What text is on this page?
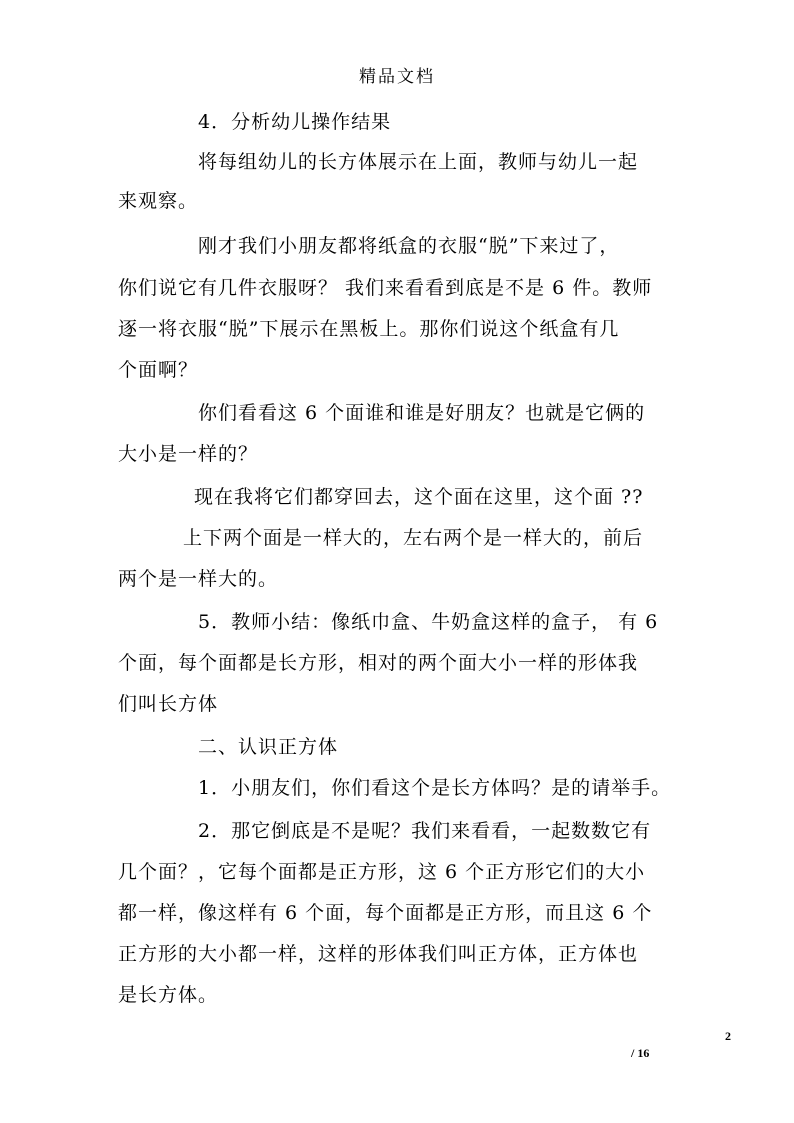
精品文档
4．分析幼儿操作结果
将每组幼儿的长方体展示在上面，教师与幼儿一起
来观察。
刚才我们小朋友都将纸盒的衣服“脱”下来过了，
你们说它有几件衣服呀？ 我们来看看到底是不是 6 件。教师
逐一将衣服“脱”下展示在黑板上。那你们说这个纸盒有几
个面啊？
你们看看这 6 个面谁和谁是好朋友？也就是它俩的
大小是一样的？
现在我将它们都穿回去，这个面在这里，这个面 ??
上下两个面是一样大的，左右两个是一样大的，前后
两个是一样大的。
5．教师小结：像纸巾盒、牛奶盒这样的盒子， 有 6
个面，每个面都是长方形，相对的两个面大小一样的形体我
们叫长方体
二、认识正方体
1．小朋友们，你们看这个是长方体吗？是的请举手。
2．那它倒底是不是呢？我们来看看，一起数数它有
几个面？，它每个面都是正方形，这 6 个正方形它们的大小
都一样，像这样有 6 个面，每个面都是正方形，而且这 6 个
正方形的大小都一样，这样的形体我们叫正方体，正方体也
是长方体。
2
/ 16
